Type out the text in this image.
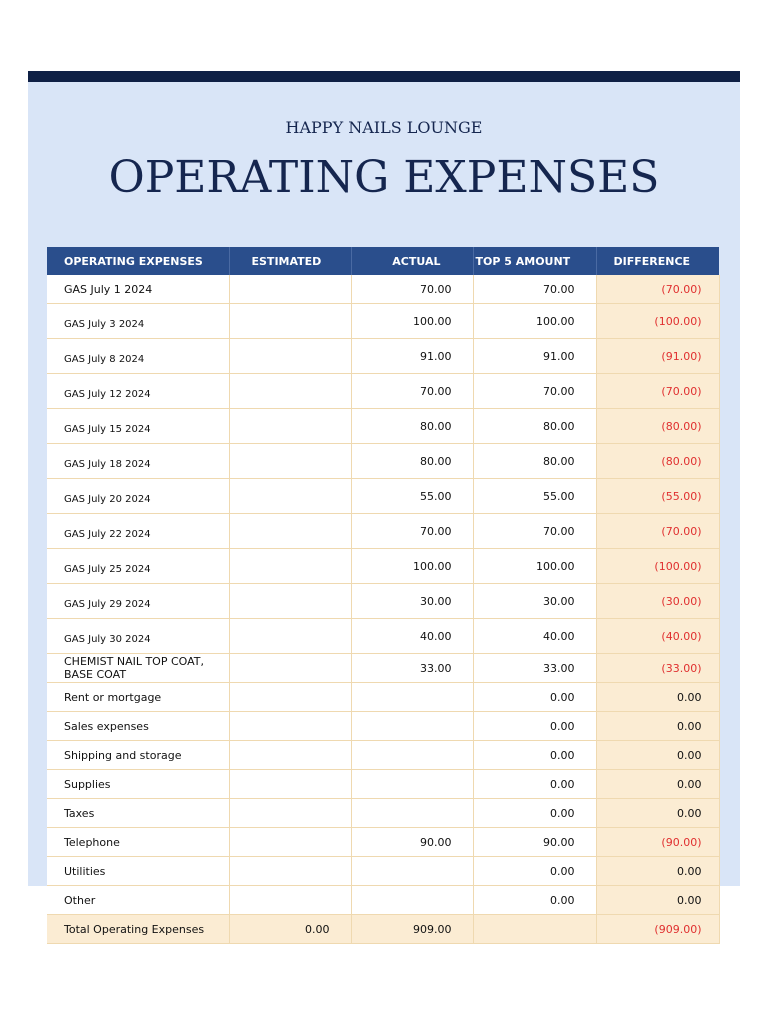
HAPPY NAILS LOUNGE
OPERATING EXPENSES
OPERATING EXPENSES	ESTIMATED	ACTUAL	TOP 5 AMOUNT	DIFFERENCE
GAS July 1 2024		70.00	70.00	(70.00)
GAS July 3 2024		100.00	100.00	(100.00)
GAS July 8 2024		91.00	91.00	(91.00)
GAS July 12 2024		70.00	70.00	(70.00)
GAS July 15 2024		80.00	80.00	(80.00)
GAS July 18 2024		80.00	80.00	(80.00)
GAS July 20 2024		55.00	55.00	(55.00)
GAS July 22 2024		70.00	70.00	(70.00)
GAS July 25 2024		100.00	100.00	(100.00)
GAS July 29 2024		30.00	30.00	(30.00)
GAS July 30 2024		40.00	40.00	(40.00)
CHEMIST NAIL TOP COAT, BASE COAT		33.00	33.00	(33.00)
Rent or mortgage			0.00	0.00
Sales expenses			0.00	0.00
Shipping and storage			0.00	0.00
Supplies			0.00	0.00
Taxes			0.00	0.00
Telephone		90.00	90.00	(90.00)
Utilities			0.00	0.00
Other			0.00	0.00
Total Operating Expenses	0.00	909.00		(909.00)
